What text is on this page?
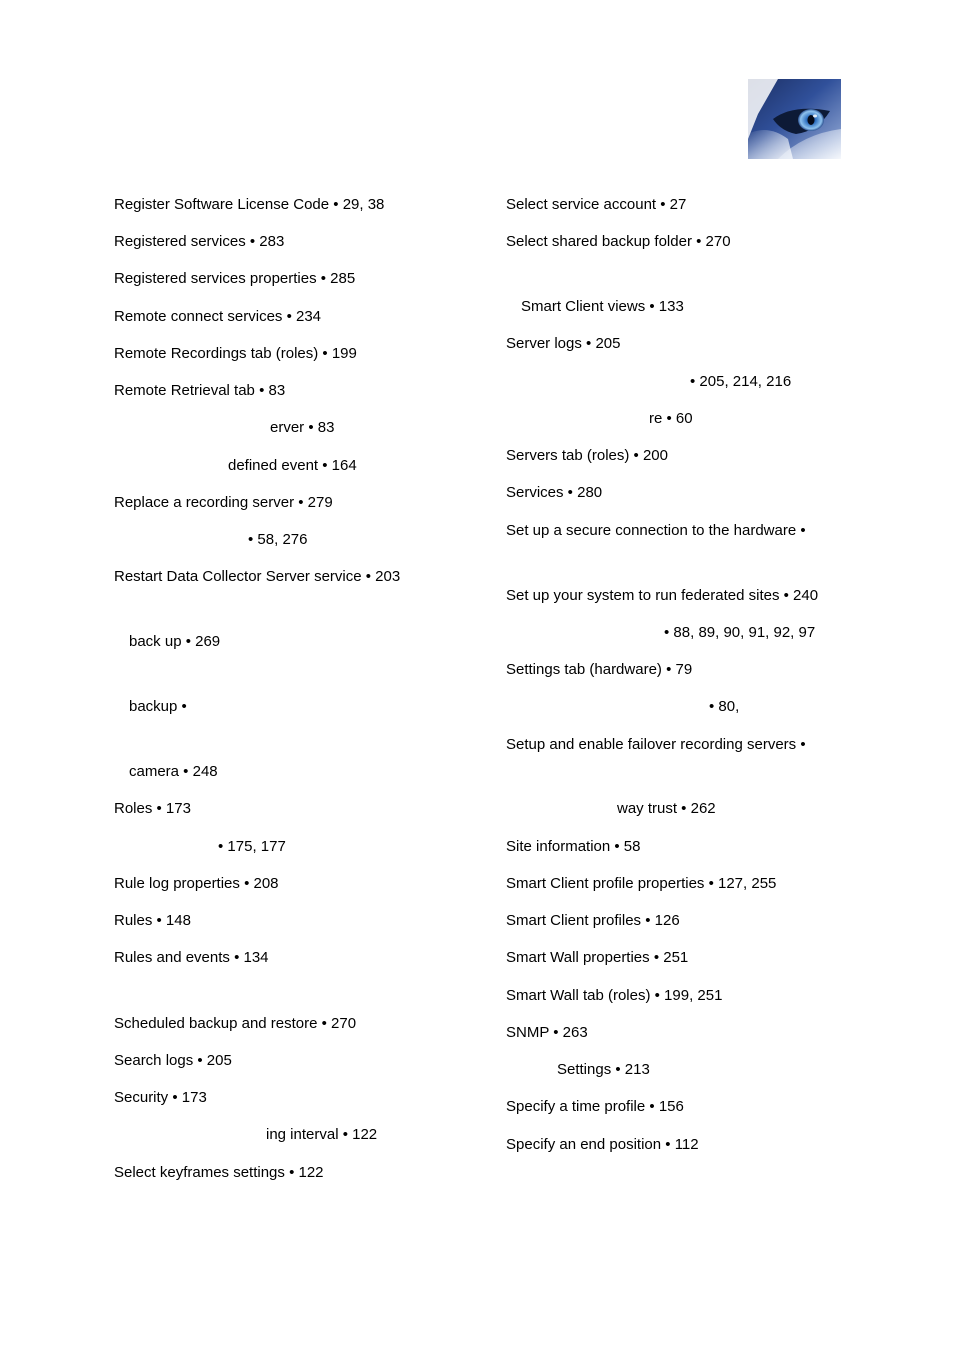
Register Software License Code • 29, 38
Registered services • 283
Registered services properties • 285
Remote connect services • 234
Remote Recordings tab (roles) • 199
Remote Retrieval tab • 83
erver • 83
defined event • 164
Replace a recording server • 279
• 58, 276
Restart Data Collector Server service • 203
back up • 269
backup •
camera • 248
Roles • 173
• 175, 177
Rule log properties • 208
Rules • 148
Rules and events • 134
Scheduled backup and restore • 270
Search logs • 205
Security • 173
ing interval • 122
Select keyframes settings • 122
Select service account • 27
Select shared backup folder • 270
Smart Client views • 133
Server logs • 205
• 205, 214, 216
re • 60
Servers tab (roles) • 200
Services • 280
Set up a secure connection to the hardware •
Set up your system to run federated sites • 240
• 88, 89, 90, 91, 92, 97
Settings tab (hardware) • 79
• 80,
Setup and enable failover recording servers •
way trust • 262
Site information • 58
Smart Client profile properties • 127, 255
Smart Client profiles • 126
Smart Wall properties • 251
Smart Wall tab (roles) • 199, 251
SNMP • 263
Settings • 213
Specify a time profile • 156
Specify an end position • 112
